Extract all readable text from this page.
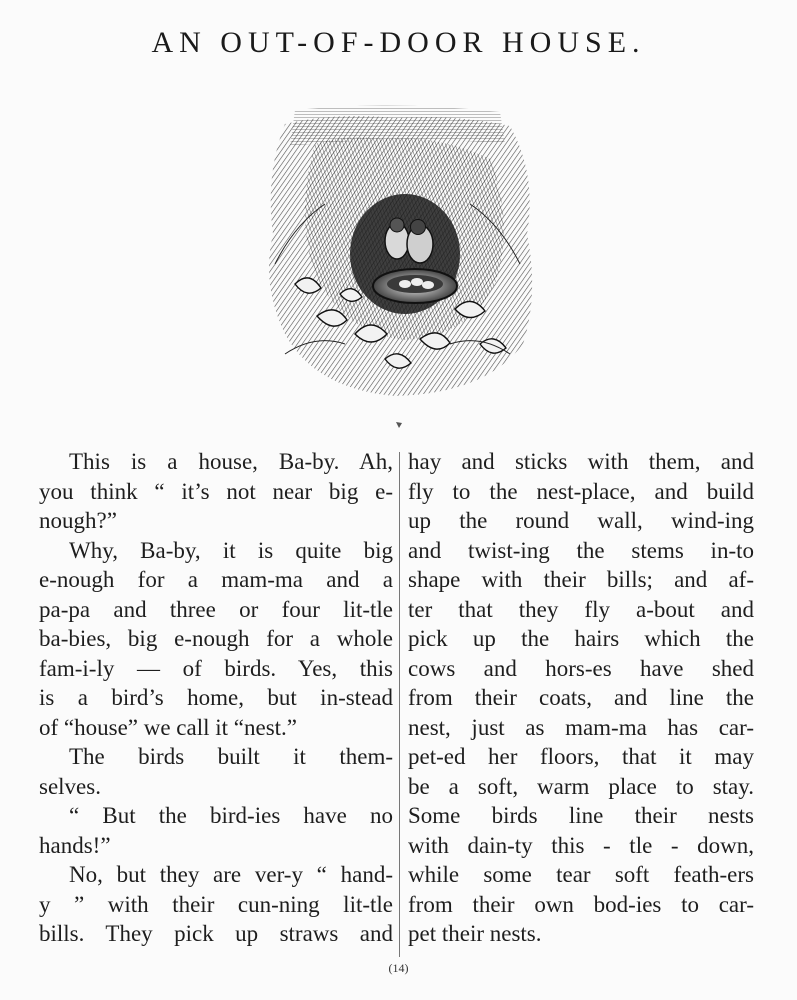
AN OUT-OF-DOOR HOUSE.
This is a house, Ba-by. Ah,
you think “ it’s not near big e-
nough?”
Why, Ba-by, it is quite big
e-nough for a mam-ma and a
pa-pa and three or four lit-tle
ba-bies, big e-nough for a whole
fam-i-ly — of birds. Yes, this
is a bird’s home, but in-stead
of “house” we call it “nest.”
The birds built it them-
selves.
“ But the bird-ies have no
hands!”
No, but they are ver-y “ hand-
y ” with their cun-ning lit-tle
bills. They pick up straws and
hay and sticks with them, and
fly to the nest-place, and build
up the round wall, wind-ing
and twist-ing the stems in-to
shape with their bills; and af-
ter that they fly a-bout and
pick up the hairs which the
cows and hors-es have shed
from their coats, and line the
nest, just as mam-ma has car-
pet-ed her floors, that it may
be a soft, warm place to stay.
Some birds line their nests
with dain-ty this - tle - down,
while some tear soft feath-ers
from their own bod-ies to car-
pet their nests.
(14)
